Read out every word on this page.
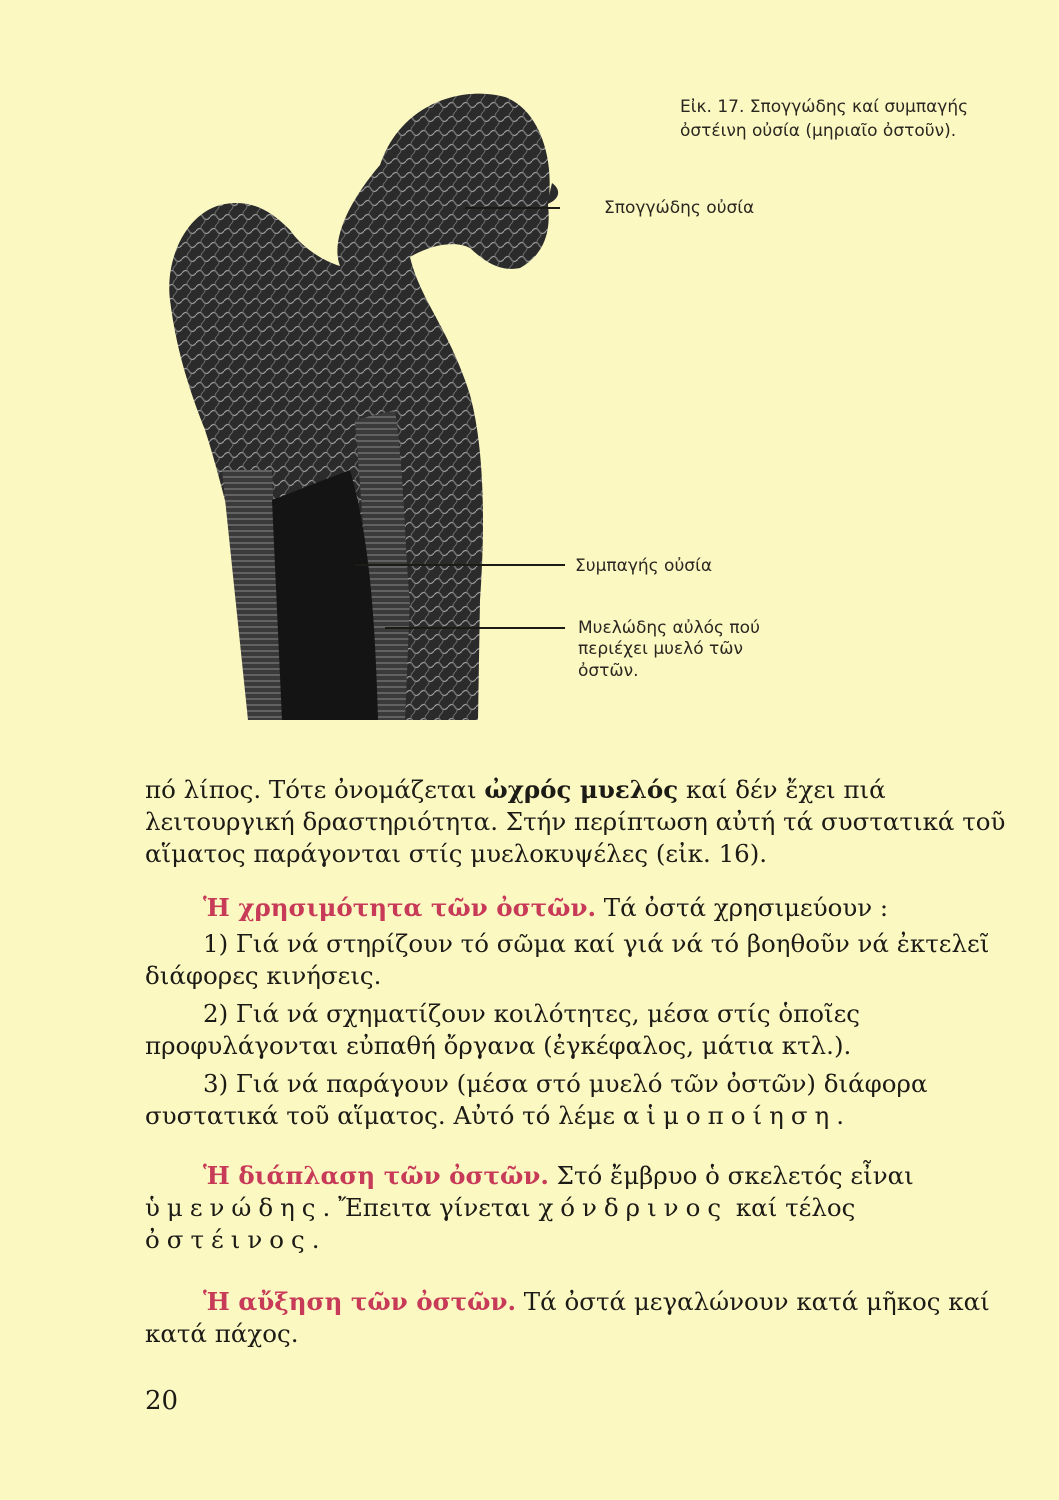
Εἰκ. 17. Σπογγώδης καί συμπαγής ὀστέινη οὐσία (μηριαῖο ὀστοῦν).
Σπογγώδης οὐσία
Συμπαγής οὐσία
Μυελώδης αὐλός πού περιέχει μυελό τῶν ὀστῶν.

πό λίπος. Τότε ὀνομάζεται ὠχρός μυελός καί δέν ἔχει πιά λειτουργική δραστηριότητα. Στήν περίπτωση αὐτή τά συστατικά τοῦ αἵματος παράγονται στίς μυελοκυψέλες (εἰκ. 16).

Ἡ χρησιμότητα τῶν ὀστῶν. Τά ὀστά χρησιμεύουν :

1) Γιά νά στηρίζουν τό σῶμα καί γιά νά τό βοηθοῦν νά ἐκτελεῖ διάφορες κινήσεις.

2) Γιά νά σχηματίζουν κοιλότητες, μέσα στίς ὁποῖες προφυλάγονται εὐπαθή ὄργανα (ἐγκέφαλος, μάτια κτλ.).

3) Γιά νά παράγουν (μέσα στό μυελό τῶν ὀστῶν) διάφορα συστατικά τοῦ αἵματος. Αὐτό τό λέμε αἱμοποίηση.

Ἡ διάπλαση τῶν ὀστῶν. Στό ἔμβρυο ὁ σκελετός εἶναι ὑμενώδης. Ἔπειτα γίνεται χόνδρινος καί τέλος ὀστέινος.

Ἡ αὔξηση τῶν ὀστῶν. Τά ὀστά μεγαλώνουν κατά μῆκος καί κατά πάχος.

20
